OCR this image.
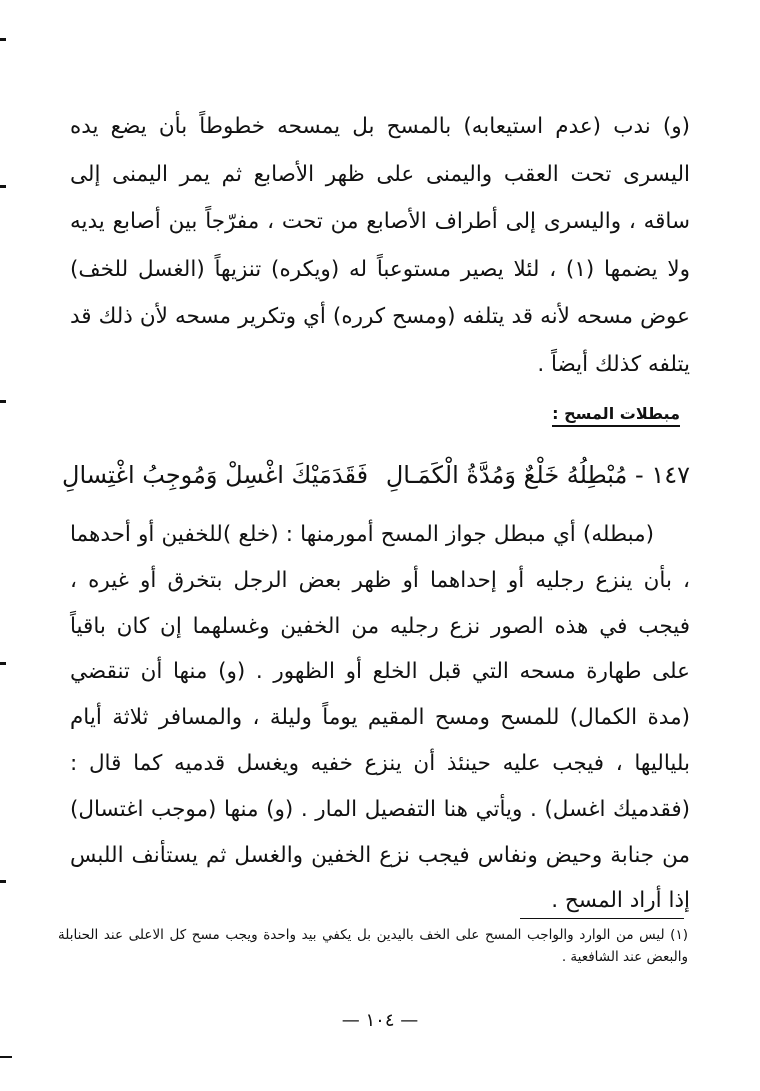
(و) ندب (عدم استيعابه) بالمسح بل يمسحه خطوطاً بأن يضع يده اليسرى تحت العقب واليمنى على ظهر الأصابع ثم يمر اليمنى إلى ساقه ، واليسرى إلى أطراف الأصابع من تحت ، مفرّجاً بين أصابع يديه ولا يضمها (١) ، لئلا يصير مستوعباً له (ويكره) تنزيهاً (الغسل للخف) عوض مسحه لأنه قد يتلفه (ومسح كرره) أي وتكرير مسحه لأن ذلك قد يتلفه كذلك أيضاً .
مبطلات المسح :
١٤٧ - مُبْطِلُهُ خَلْعٌ وَمُدَّةُ الْكَمَـالِ
فَقَدَمَيْكَ اغْسِلْ وَمُوجِبُ اغْتِسالِ
(مبطله) أي مبطل جواز المسح أمورمنها : (خلع )للخفين أو أحدهما ، بأن ينزع رجليه أو إحداهما أو ظهر بعض الرجل بتخرق أو غيره ، فيجب في هذه الصور نزع رجليه من الخفين وغسلهما إن كان باقياً على طهارة مسحه التي قبل الخلع أو الظهور . (و) منها أن تنقضي (مدة الكمال) للمسح ومسح المقيم يوماً وليلة ، والمسافر ثلاثة أيام بلياليها ، فيجب عليه حينئذ أن ينزع خفيه ويغسل قدميه كما قال : (فقدميك اغسل) . ويأتي هنا التفصيل المار . (و) منها (موجب اغتسال) من جنابة وحيض ونفاس فيجب نزع الخفين والغسل ثم يستأنف اللبس إذا أراد المسح .
(١) ليس من الوارد والواجب المسح على الخف باليدين بل يكفي بيد واحدة ويجب مسح كل الاعلى عند الحنابلة والبعض عند الشافعية .
— ١٠٤ —
